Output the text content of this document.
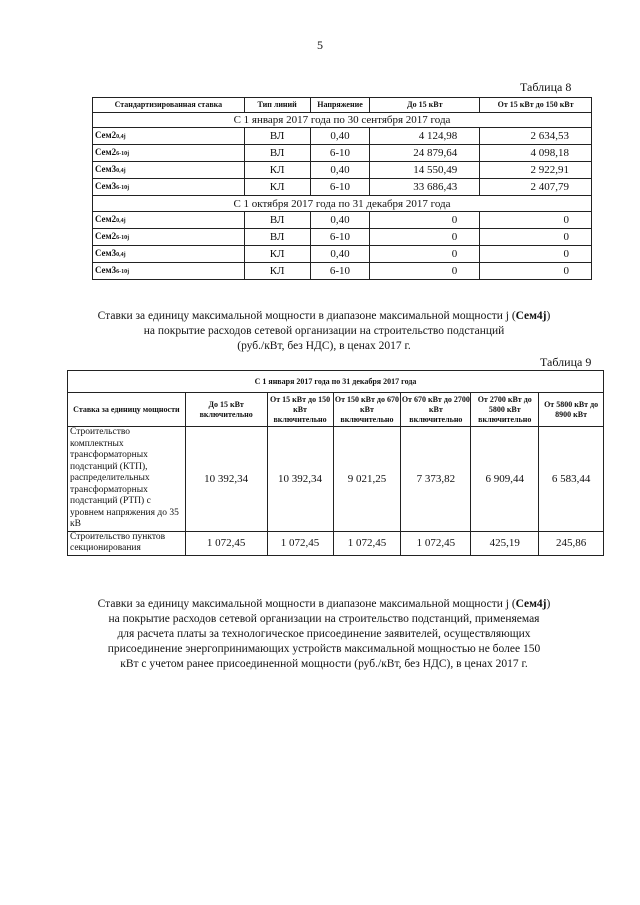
5
Таблица 8
Стандартизированная ставка	Тип линий	Напряжение	До 15 кВт	От 15 кВт до 150 кВт
С 1 января 2017 года по 30 сентября 2017 года				
Cем20,4j	ВЛ	0,40	4 124,98	2 634,53
Cем26-10j	ВЛ	6-10	24 879,64	4 098,18
Cем30,4j	КЛ	0,40	14 550,49	2 922,91
Cем36-10j	КЛ	6-10	33 686,43	2 407,79
С 1 октября 2017 года по 31 декабря 2017 года				
Cем20,4j	ВЛ	0,40	0	0
Cем26-10j	ВЛ	6-10	0	0
Cем30,4j	КЛ	0,40	0	0
Cем36-10j	КЛ	6-10	0	0
Ставки за единицу максимальной мощности в диапазоне максимальной мощности j (Cем4j)
на покрытие расходов сетевой организации на строительство подстанций
(руб./кВт, без НДС), в ценах 2017 г.
Таблица 9
С 1 января 2017 года по 31 декабря 2017 года						
Ставка за единицу мощности	До 15 кВт включительно	От 15 кВт до 150 кВт включительно	От 150 кВт до 670 кВт включительно	От 670 кВт до 2700 кВт включительно	От 2700 кВт до 5800 кВт включительно	От 5800 кВт до 8900 кВт
Строительство комплектных трансформаторных подстанций (КТП), распределительных трансформаторных подстанций (РТП) с уровнем напряжения до 35 кВ	10 392,34	10 392,34	9 021,25	7 373,82	6 909,44	6 583,44
Строительство пунктов секционирования	1 072,45	1 072,45	1 072,45	1 072,45	425,19	245,86
Ставки за единицу максимальной мощности в диапазоне максимальной мощности j (Cем4j)
на покрытие расходов сетевой организации на строительство подстанций, применяемая
для расчета платы за технологическое присоединение заявителей, осуществляющих
присоединение энергопринимающих устройств максимальной мощностью не более 150
кВт с учетом ранее присоединенной мощности (руб./кВт, без НДС), в ценах 2017 г.
